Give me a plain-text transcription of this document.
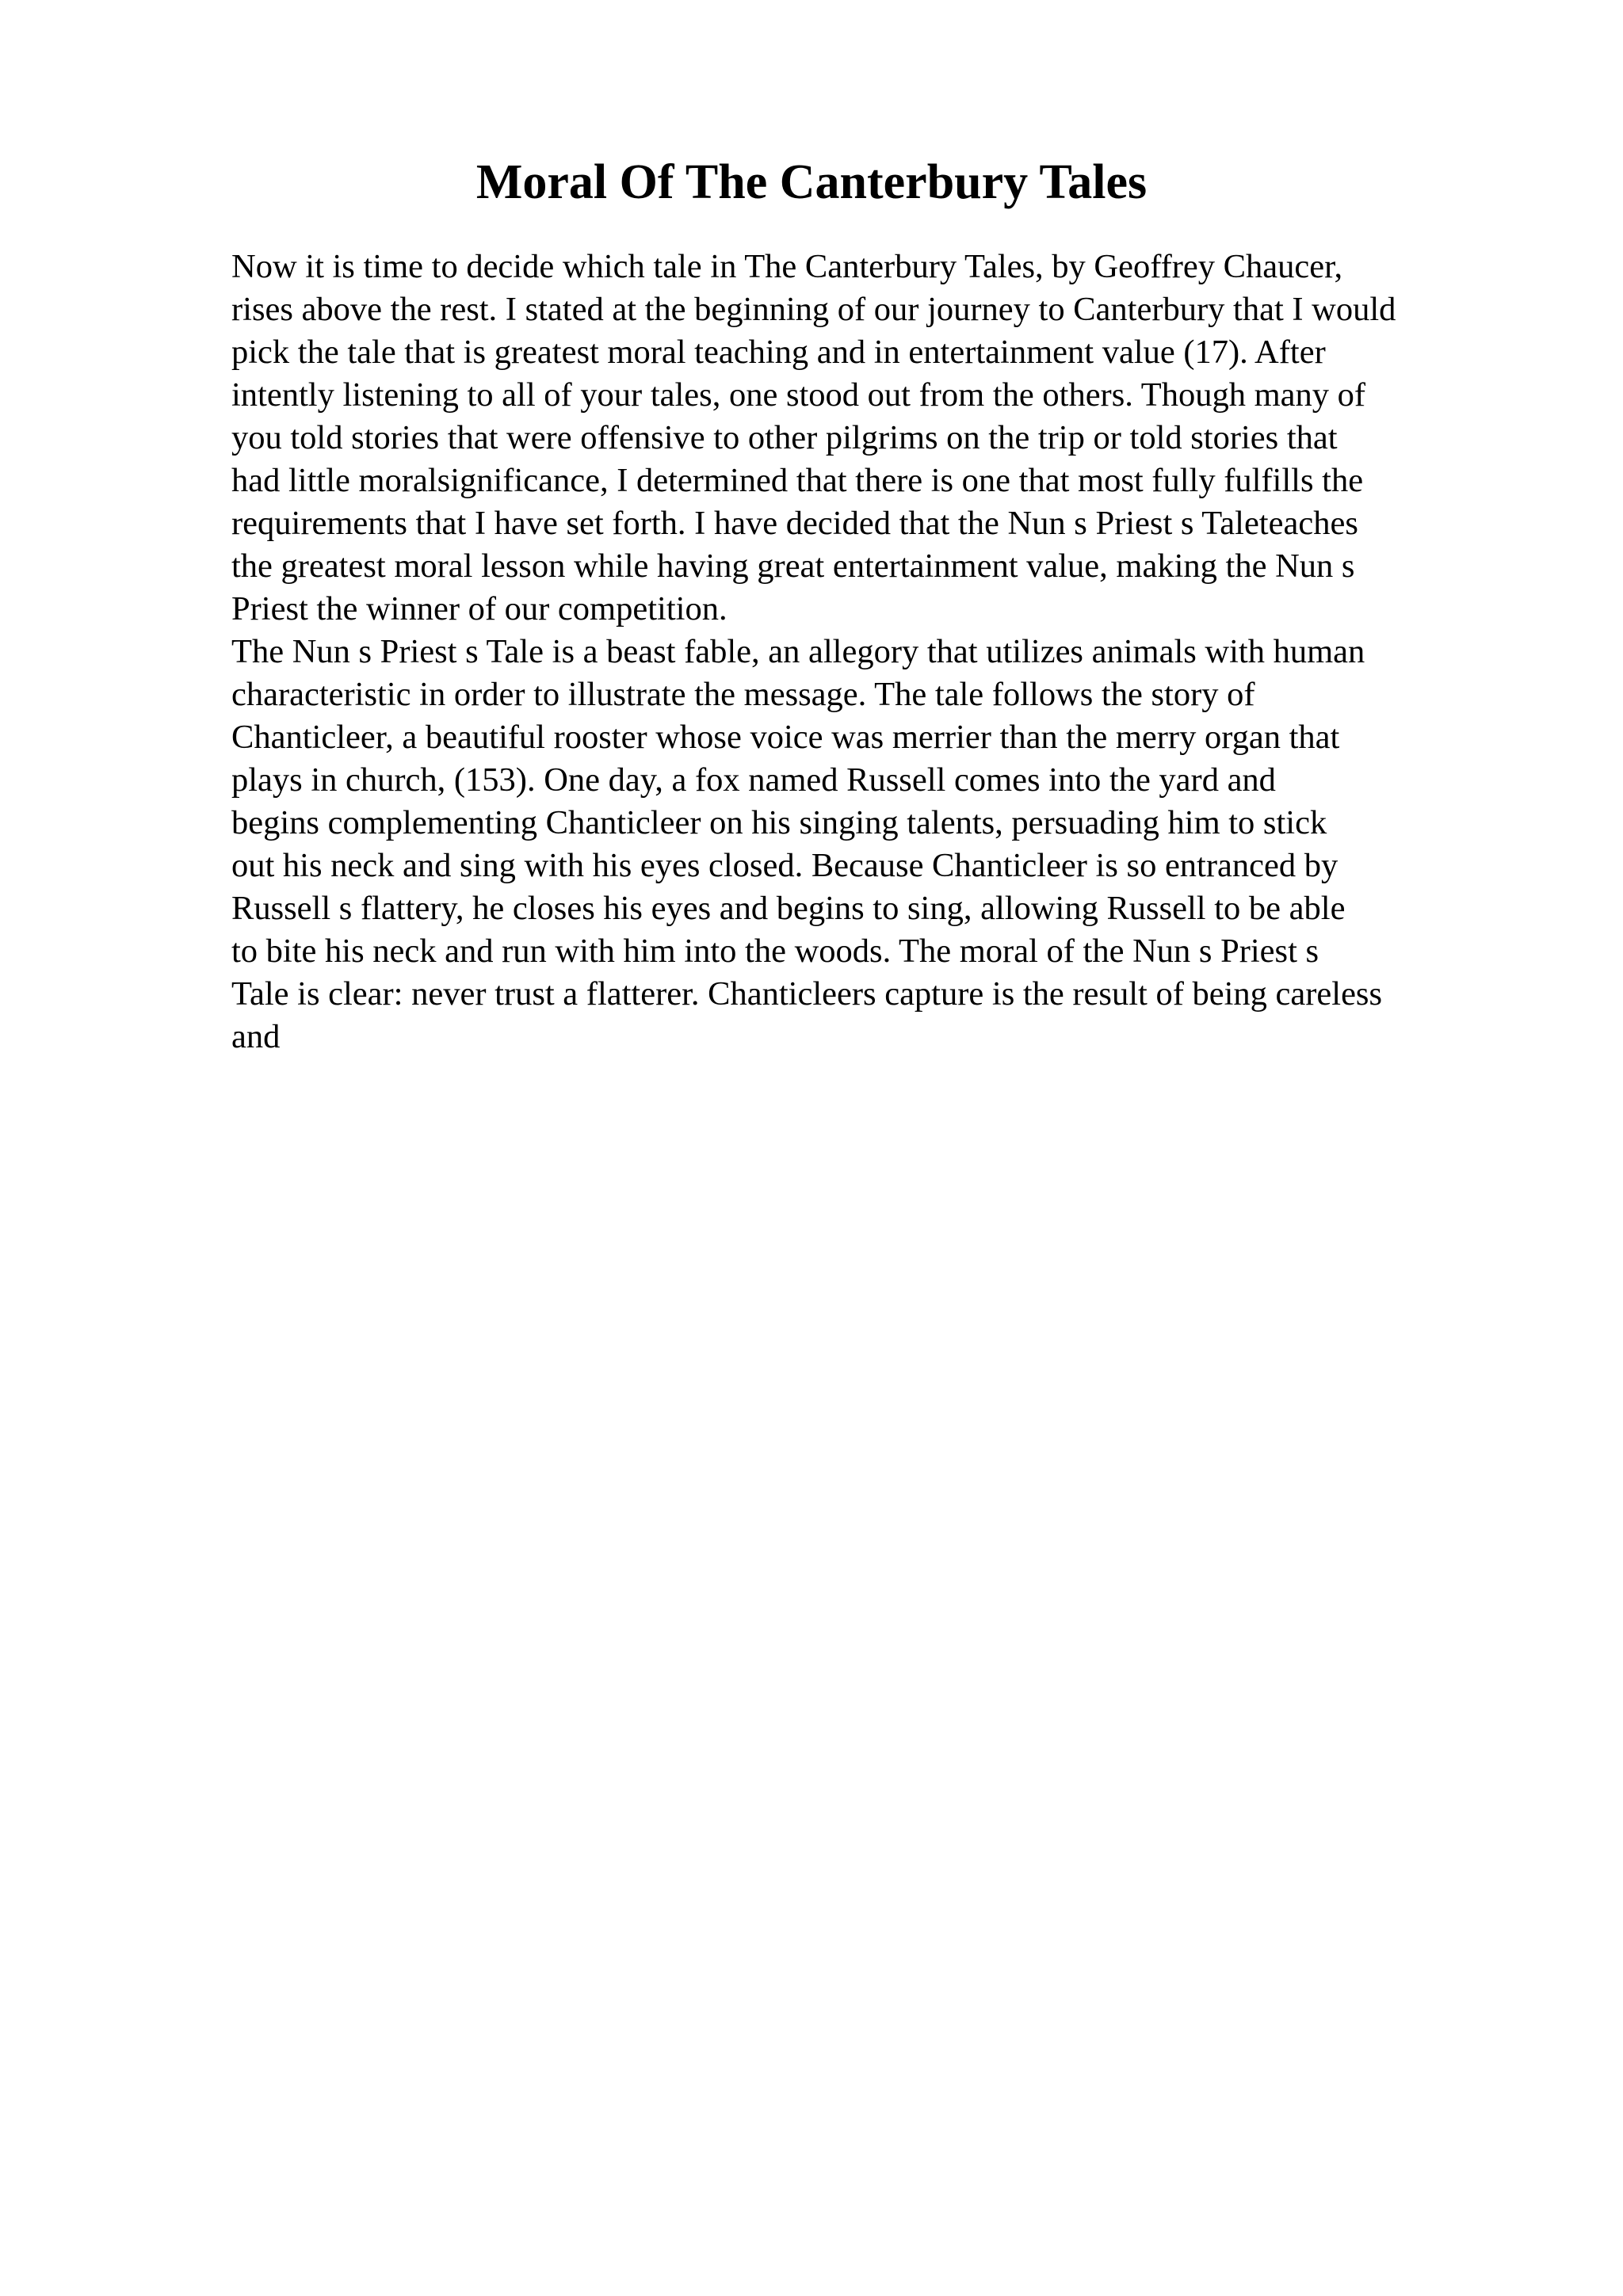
Moral Of The Canterbury Tales
Now it is time to decide which tale in The Canterbury Tales, by Geoffrey Chaucer,
rises above the rest. I stated at the beginning of our journey to Canterbury that I would
pick the tale that is greatest moral teaching and in entertainment value (17). After
intently listening to all of your tales, one stood out from the others. Though many of
you told stories that were offensive to other pilgrims on the trip or told stories that
had little moralsignificance, I determined that there is one that most fully fulfills the
requirements that I have set forth. I have decided that the Nun s Priest s Taleteaches
the greatest moral lesson while having great entertainment value, making the Nun s
Priest the winner of our competition.
The Nun s Priest s Tale is a beast fable, an allegory that utilizes animals with human
characteristic in order to illustrate the message. The tale follows the story of
Chanticleer, a beautiful rooster whose voice was merrier than the merry organ that
plays in church, (153). One day, a fox named Russell comes into the yard and
begins complementing Chanticleer on his singing talents, persuading him to stick
out his neck and sing with his eyes closed. Because Chanticleer is so entranced by
Russell s flattery, he closes his eyes and begins to sing, allowing Russell to be able
to bite his neck and run with him into the woods. The moral of the Nun s Priest s
Tale is clear: never trust a flatterer. Chanticleers capture is the result of being careless
and
